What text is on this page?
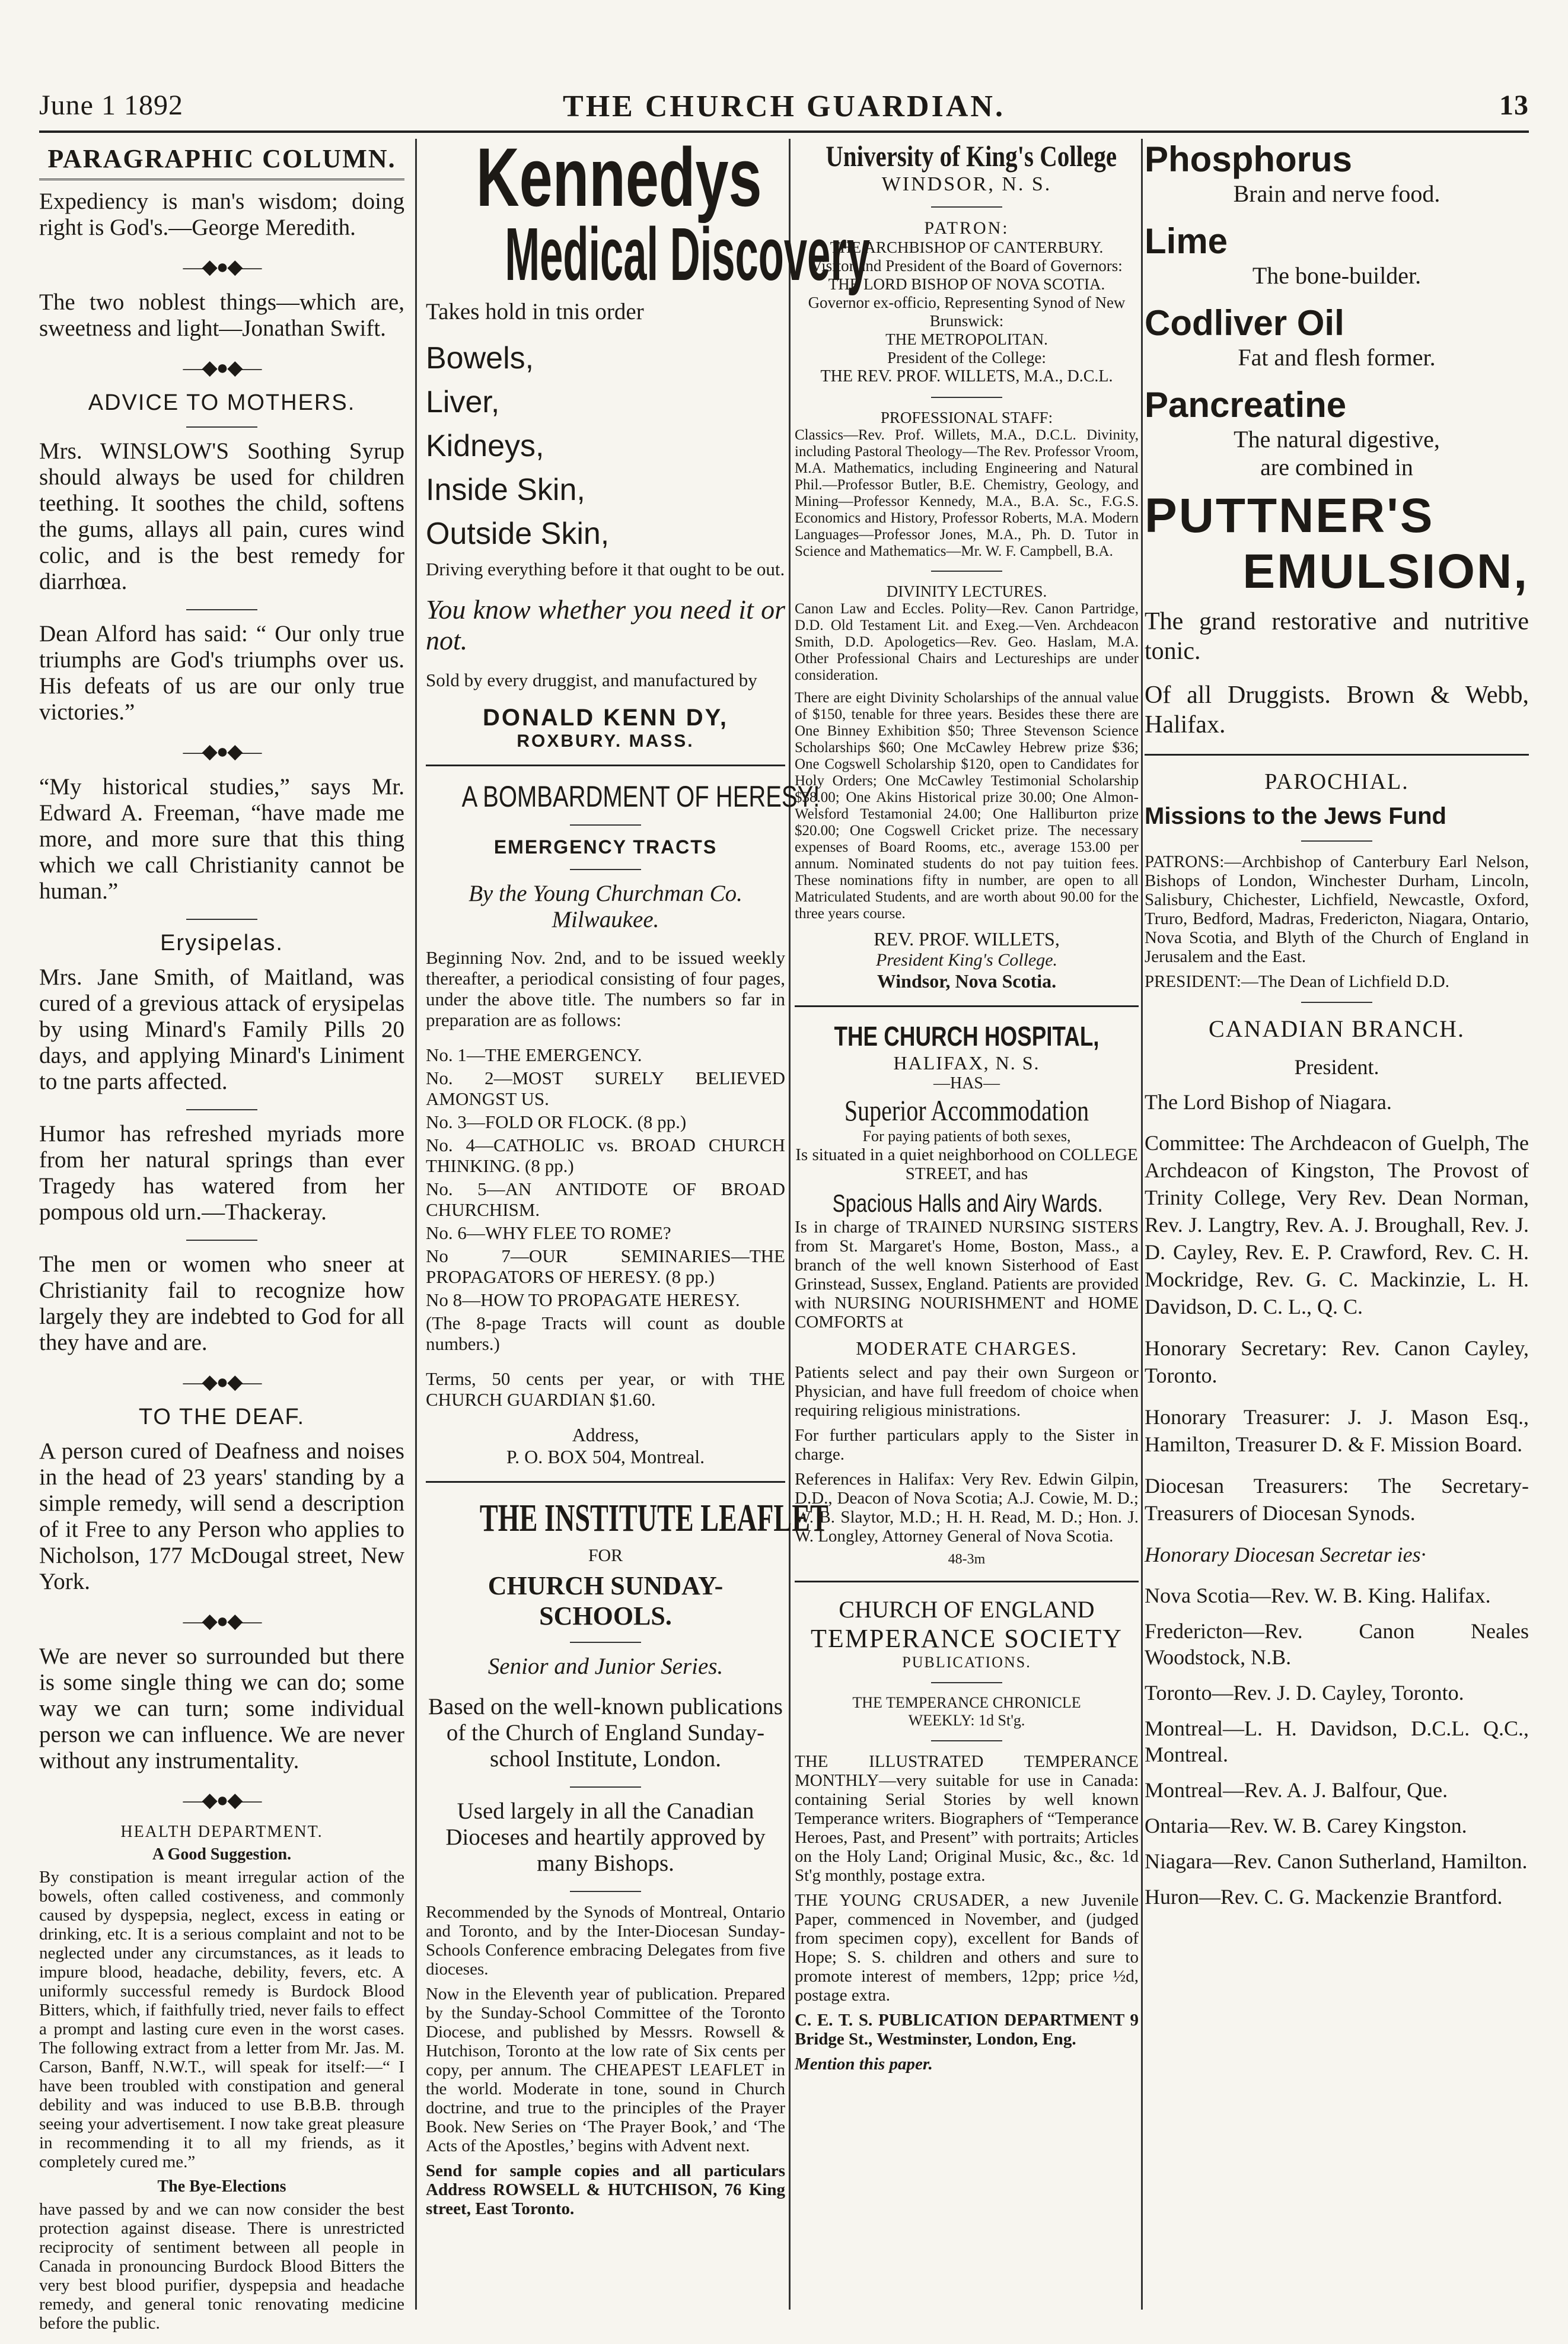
June 1 1892	THE CHURCH GUARDIAN.	13
PARAGRAPHIC COLUMN.

Expediency is man's wisdom; doing right is God's.—George Meredith.

—◆●◆—

The two noblest things—which are, sweetness and light—Jonathan Swift.

—◆●◆—
ADVICE TO MOTHERS.

Mrs. WINSLOW'S Soothing Syrup should always be used for children teething. It soothes the child, softens the gums, allays all pain, cures wind colic, and is the best remedy for diarrhœa.

Dean Alford has said: “ Our only true triumphs are God's triumphs over us. His defeats of us are our only true victories.”

—◆●◆—

“My historical studies,” says Mr. Edward A. Freeman, “have made me more, and more sure that this thing which we call Christianity cannot be human.”

Erysipelas.

Mrs. Jane Smith, of Maitland, was cured of a grevious attack of erysipelas by using Minard's Family Pills 20 days, and applying Minard's Liniment to tne parts affected.

Humor has refreshed myriads more from her natural springs than ever Tragedy has watered from her pompous old urn.—Thackeray.

The men or women who sneer at Christianity fail to recognize how largely they are indebted to God for all they have and are.

—◆●◆—
TO THE DEAF.

A person cured of Deafness and noises in the head of 23 years' standing by a simple remedy, will send a description of it Free to any Person who applies to Nicholson, 177 McDougal street, New York.

—◆●◆—

We are never so surrounded but there is some single thing we can do; some way we can turn; some individual person we can influence. We are never without any instrumentality.

—◆●◆—
HEALTH DEPARTMENT.
A Good Suggestion.

By constipation is meant irregular action of the bowels, often called costiveness, and commonly caused by dyspepsia, neglect, excess in eating or drinking, etc. It is a serious complaint and not to be neglected under any circumstances, as it leads to impure blood, headache, debility, fevers, etc. A uniformly successful remedy is Burdock Blood Bitters, which, if faithfully tried, never fails to effect a prompt and lasting cure even in the worst cases. The following extract from a letter from Mr. Jas. M. Carson, Banff, N.W.T., will speak for itself:—“ I have been troubled with constipation and general debility and was induced to use B.B.B. through seeing your advertisement. I now take great pleasure in recommending it to all my friends, as it completely cured me.”

The Bye-Elections

have passed by and we can now consider the best protection against disease. There is unrestricted reciprocity of sentiment between all people in Canada in pronouncing Burdock Blood Bitters the very best blood purifier, dyspepsia and headache remedy, and general tonic renovating medicine before the public.

Kennedys
Medical Discovery

Takes hold in tnis order

Bowels,
Liver,
Kidneys,
Inside Skin,
Outside Skin,

Driving everything before it that ought to be out.

You know whether you need it or not.

Sold by every druggist, and manufactured by

DONALD KENN DY,
ROXBURY. MASS.
A BOMBARDMENT OF HERESY!
EMERGENCY TRACTS

By the Young Churchman Co. Milwaukee.

Beginning Nov. 2nd, and to be issued weekly thereafter, a periodical consisting of four pages, under the above title. The numbers so far in preparation are as follows:

No. 1—THE EMERGENCY.

No. 2—MOST SURELY BELIEVED AMONGST US.

No. 3—FOLD OR FLOCK. (8 pp.)

No. 4—CATHOLIC vs. BROAD CHURCH THINKING. (8 pp.)

No. 5—AN ANTIDOTE OF BROAD CHURCHISM.

No. 6—WHY FLEE TO ROME?

No 7—OUR SEMINARIES—THE PROPAGATORS OF HERESY. (8 pp.)

No 8—HOW TO PROPAGATE HERESY.

(The 8-page Tracts will count as double numbers.)

Terms, 50 cents per year, or with THE CHURCH GUARDIAN $1.60.

Address,
P. O. BOX 504, Montreal.
THE INSTITUTE LEAFLET
FOR
CHURCH SUNDAY-SCHOOLS.

Senior and Junior Series.

Based on the well-known publications of the Church of England Sunday-school Institute, London.

Used largely in all the Canadian Dioceses and heartily approved by many Bishops.

Recommended by the Synods of Montreal, Ontario and Toronto, and by the Inter-Diocesan Sunday-Schools Conference embracing Delegates from five dioceses.

Now in the Eleventh year of publication. Prepared by the Sunday-School Committee of the Toronto Diocese, and published by Messrs. Rowsell & Hutchison, Toronto at the low rate of Six cents per copy, per annum. The CHEAPEST LEAFLET in the world. Moderate in tone, sound in Church doctrine, and true to the principles of the Prayer Book. New Series on ‘The Prayer Book,’ and ‘The Acts of the Apostles,’ begins with Advent next.

Send for sample copies and all particulars Address ROWSELL & HUTCHISON, 76 King street, East Toronto.

University of King's College
WINDSOR, N. S.
PATRON:
THE ARCHBISHOP OF CANTERBURY.
Visitor and President of the Board of Governors:
THE LORD BISHOP OF NOVA SCOTIA.
Governor ex-officio, Representing Synod of New Brunswick:
THE METROPOLITAN.
President of the College:
THE REV. PROF. WILLETS, M.A., D.C.L.
PROFESSIONAL STAFF:

Classics—Rev. Prof. Willets, M.A., D.C.L. Divinity, including Pastoral Theology—The Rev. Professor Vroom, M.A. Mathematics, including Engineering and Natural Phil.—Professor Butler, B.E. Chemistry, Geology, and Mining—Professor Kennedy, M.A., B.A. Sc., F.G.S. Economics and History, Professor Roberts, M.A. Modern Languages—Professor Jones, M.A., Ph. D. Tutor in Science and Mathematics—Mr. W. F. Campbell, B.A.

DIVINITY LECTURES.

Canon Law and Eccles. Polity—Rev. Canon Partridge, D.D. Old Testament Lit. and Exeg.—Ven. Archdeacon Smith, D.D. Apologetics—Rev. Geo. Haslam, M.A. Other Professional Chairs and Lectureships are under consideration.

There are eight Divinity Scholarships of the annual value of $150, tenable for three years. Besides these there are One Binney Exhibition $50; Three Stevenson Science Scholarships $60; One McCawley Hebrew prize $36; One Cogswell Scholarship $120, open to Candidates for Holy Orders; One McCawley Testimonial Scholarship $38.00; One Akins Historical prize 30.00; One Almon-Welsford Testamonial 24.00; One Halliburton prize $20.00; One Cogswell Cricket prize. The necessary expenses of Board Rooms, etc., average 153.00 per annum. Nominated students do not pay tuition fees. These nominations fifty in number, are open to all Matriculated Students, and are worth about 90.00 for the three years course.

REV. PROF. WILLETS,
President King's College.
Windsor, Nova Scotia.
THE CHURCH HOSPITAL,
HALIFAX, N. S.
—HAS—
Superior Accommodation
For paying patients of both sexes,

Is situated in a quiet neighborhood on COLLEGE STREET, and has

Spacious Halls and Airy Wards.

Is in charge of TRAINED NURSING SISTERS from St. Margaret's Home, Boston, Mass., a branch of the well known Sisterhood of East Grinstead, Sussex, England. Patients are provided with NURSING NOURISHMENT and HOME COMFORTS at

MODERATE CHARGES.

Patients select and pay their own Surgeon or Physician, and have full freedom of choice when requiring religious ministrations.

For further particulars apply to the Sister in charge.

References in Halifax: Very Rev. Edwin Gilpin, D.D., Deacon of Nova Scotia; A.J. Cowie, M. D.; W. B. Slaytor, M.D.; H. H. Read, M. D.; Hon. J. W. Longley, Attorney General of Nova Scotia.

48-3m
CHURCH OF ENGLAND
TEMPERANCE SOCIETY
PUBLICATIONS.
THE TEMPERANCE CHRONICLE
WEEKLY: 1d St'g.

THE ILLUSTRATED TEMPERANCE MONTHLY—very suitable for use in Canada: containing Serial Stories by well known Temperance writers. Biographers of “Temperance Heroes, Past, and Present” with portraits; Articles on the Holy Land; Original Music, &c., &c. 1d St'g monthly, postage extra.

THE YOUNG CRUSADER, a new Juvenile Paper, commenced in November, and (judged from specimen copy), excellent for Bands of Hope; S. S. children and others and sure to promote interest of members, 12pp; price ½d, postage extra.

C. E. T. S. PUBLICATION DEPARTMENT 9 Bridge St., Westminster, London, Eng.

Mention this paper.

Phosphorus
Brain and nerve food.
Lime
The bone-builder.
Codliver Oil
Fat and flesh former.
Pancreatine
The natural digestive,
are combined in
PUTTNER'S
EMULSION,

The grand restorative and nutritive tonic.

Of all Druggists. Brown & Webb, Halifax.

PAROCHIAL.
Missions to the Jews Fund

PATRONS:—Archbishop of Canterbury Earl Nelson, Bishops of London, Winchester Durham, Lincoln, Salisbury, Chichester, Lichfield, Newcastle, Oxford, Truro, Bedford, Madras, Fredericton, Niagara, Ontario, Nova Scotia, and Blyth of the Church of England in Jerusalem and the East.

PRESIDENT:—The Dean of Lichfield D.D.

CANADIAN BRANCH.
President.

The Lord Bishop of Niagara.

Committee: The Archdeacon of Guelph, The Archdeacon of Kingston, The Provost of Trinity College, Very Rev. Dean Norman, Rev. J. Langtry, Rev. A. J. Broughall, Rev. J. D. Cayley, Rev. E. P. Crawford, Rev. C. H. Mockridge, Rev. G. C. Mackinzie, L. H. Davidson, D. C. L., Q. C.

Honorary Secretary: Rev. Canon Cayley, Toronto.

Honorary Treasurer: J. J. Mason Esq., Hamilton, Treasurer D. & F. Mission Board.

Diocesan Treasurers: The Secretary-Treasurers of Diocesan Synods.

Honorary Diocesan Secretar ies·

Nova Scotia—Rev. W. B. King. Halifax.

Fredericton—Rev. Canon Neales Woodstock, N.B.

Toronto—Rev. J. D. Cayley, Toronto.

Montreal—L. H. Davidson, D.C.L. Q.C., Montreal.

Montreal—Rev. A. J. Balfour, Que.

Ontaria—Rev. W. B. Carey Kingston.

Niagara—Rev. Canon Sutherland, Hamilton.

Huron—Rev. C. G. Mackenzie Brantford.
